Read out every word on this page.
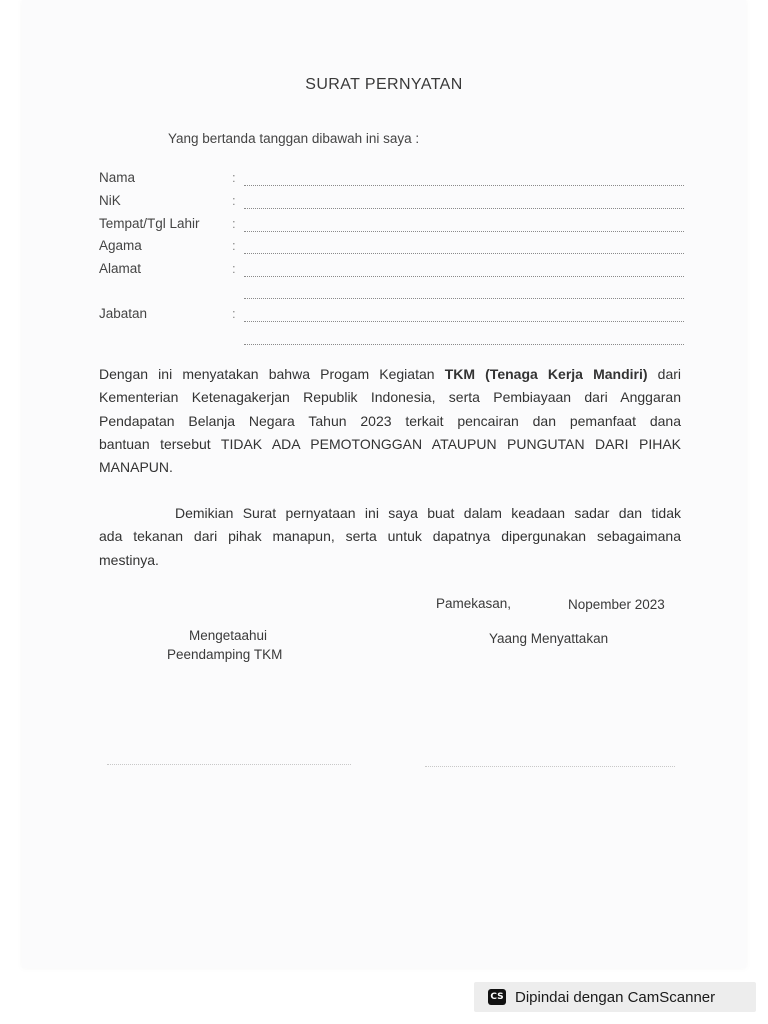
SURAT PERNYATAN
Yang bertanda tanggan dibawah ini saya :
Nama	:
NiK	:
Tempat/Tgl Lahir :
Agama	:
Alamat	:
Jabatan	:
Dengan ini menyatakan bahwa Progam Kegiatan TKM (Tenaga Kerja Mandiri) dari
Kementerian Ketenagakerjan Republik Indonesia, serta Pembiayaan dari Anggaran
Pendapatan Belanja Negara Tahun 2023 terkait pencairan dan pemanfaat dana
bantuan tersebut TIDAK ADA PEMOTONGGAN ATAUPUN PUNGUTAN DARI PIHAK
MANAPUN.
Demikian Surat pernyataan ini saya buat dalam keadaan sadar dan tidak
ada tekanan dari pihak manapun, serta untuk dapatnya dipergunakan sebagaimana
mestinya.
Pamekasan,	Nopember 2023
Mengetaahui
Peendamping TKM
Yaang Menyattakan
CS Dipindai dengan CamScanner
